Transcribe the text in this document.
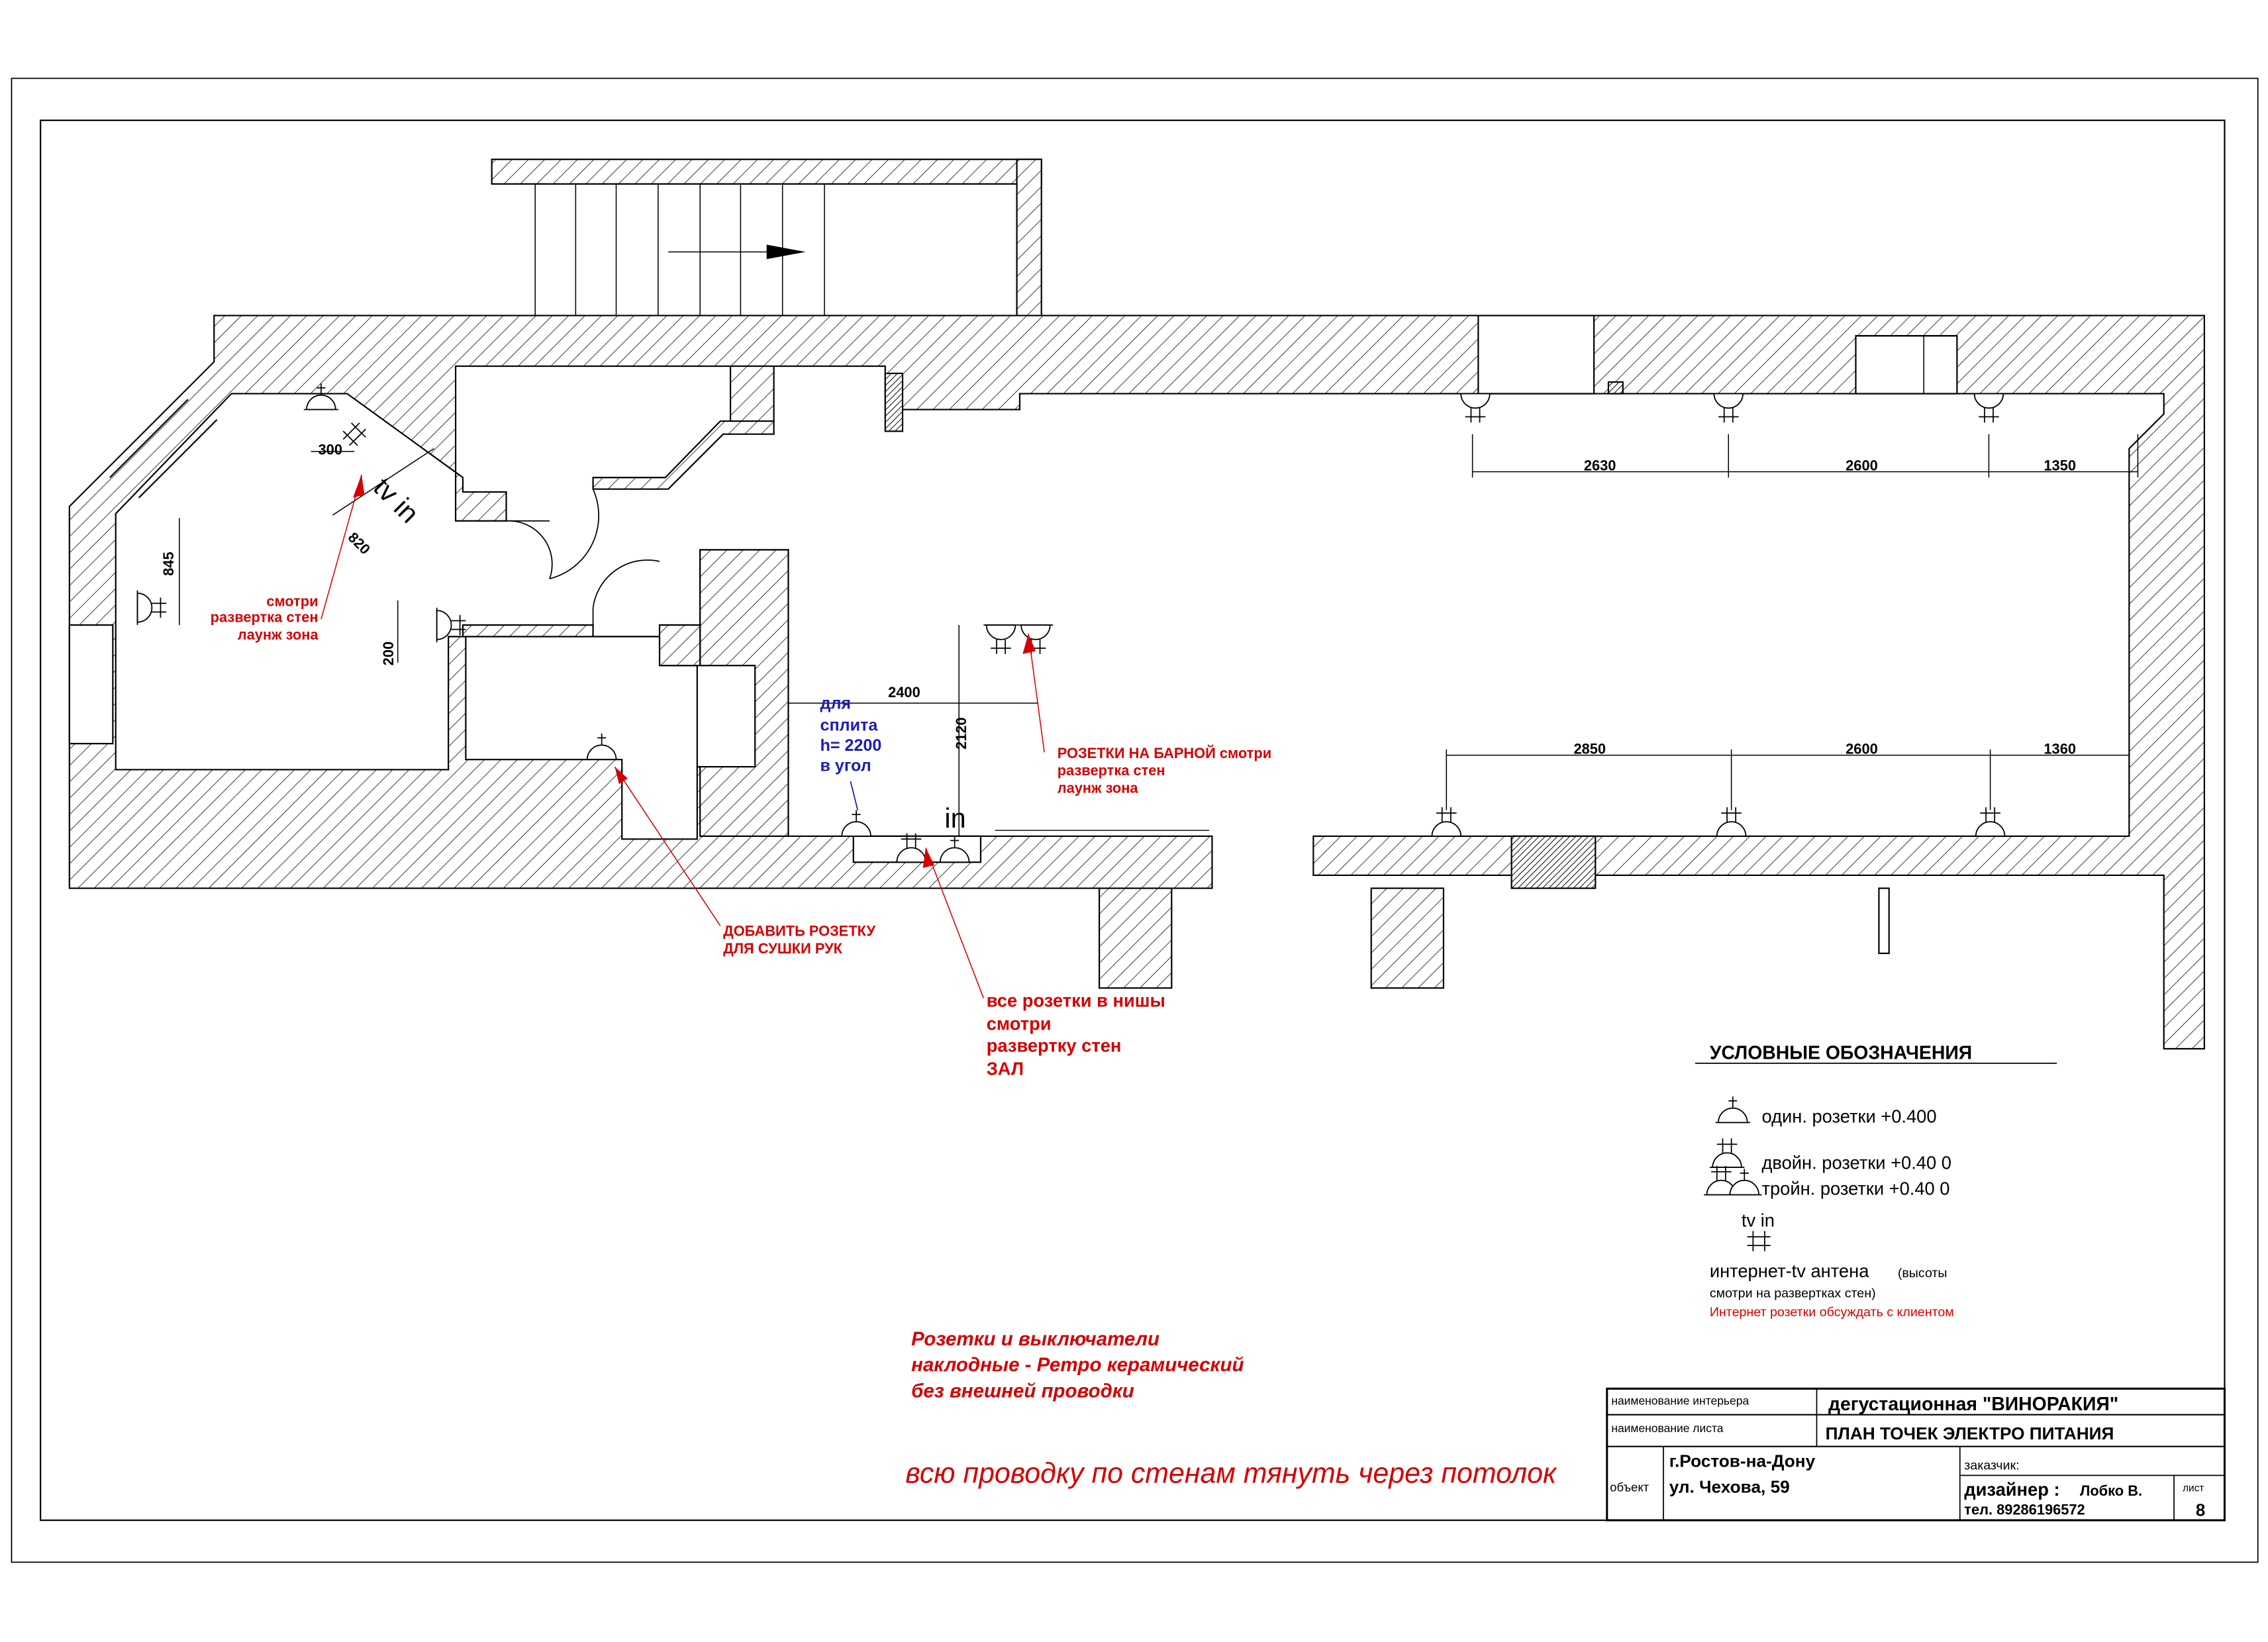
2630	2600	1350
2850	2600	1360
2400
2120
300
845
200
820
tv in
in
смотри
развертка стен
лаунж зона
РОЗЕТКИ НА БАРНОЙ смотри
развертка стен
лаунж зона
ДОБАВИТЬ РОЗЕТКУ
ДЛЯ СУШКИ РУК
все розетки в нишы
смотри
развертку стен
ЗАЛ
для
сплита
h= 2200
в угол
УСЛОВНЫЕ ОБОЗНАЧЕНИЯ
один. розетки +0.400
двойн. розетки +0.40 0
тройн. розетки +0.40 0
tv in
интернет-tv антена	(высоты
смотри на развертках стен)
Интернет розетки обсуждать с клиентом
Розетки и выключатели
наклодные - Ретро керамический
без внешней проводки
всю проводку по стенам тянуть через потолок
наименование интерьера	дегустационная "ВИНОРАКИЯ"
наименование листа	ПЛАН ТОЧЕК ЭЛЕКТРО ПИТАНИЯ
объект
г.Ростов-на-Дону
ул. Чехова, 59
заказчик:
дизайнер :	Лобко В.
тел. 89286196572
лист
8
